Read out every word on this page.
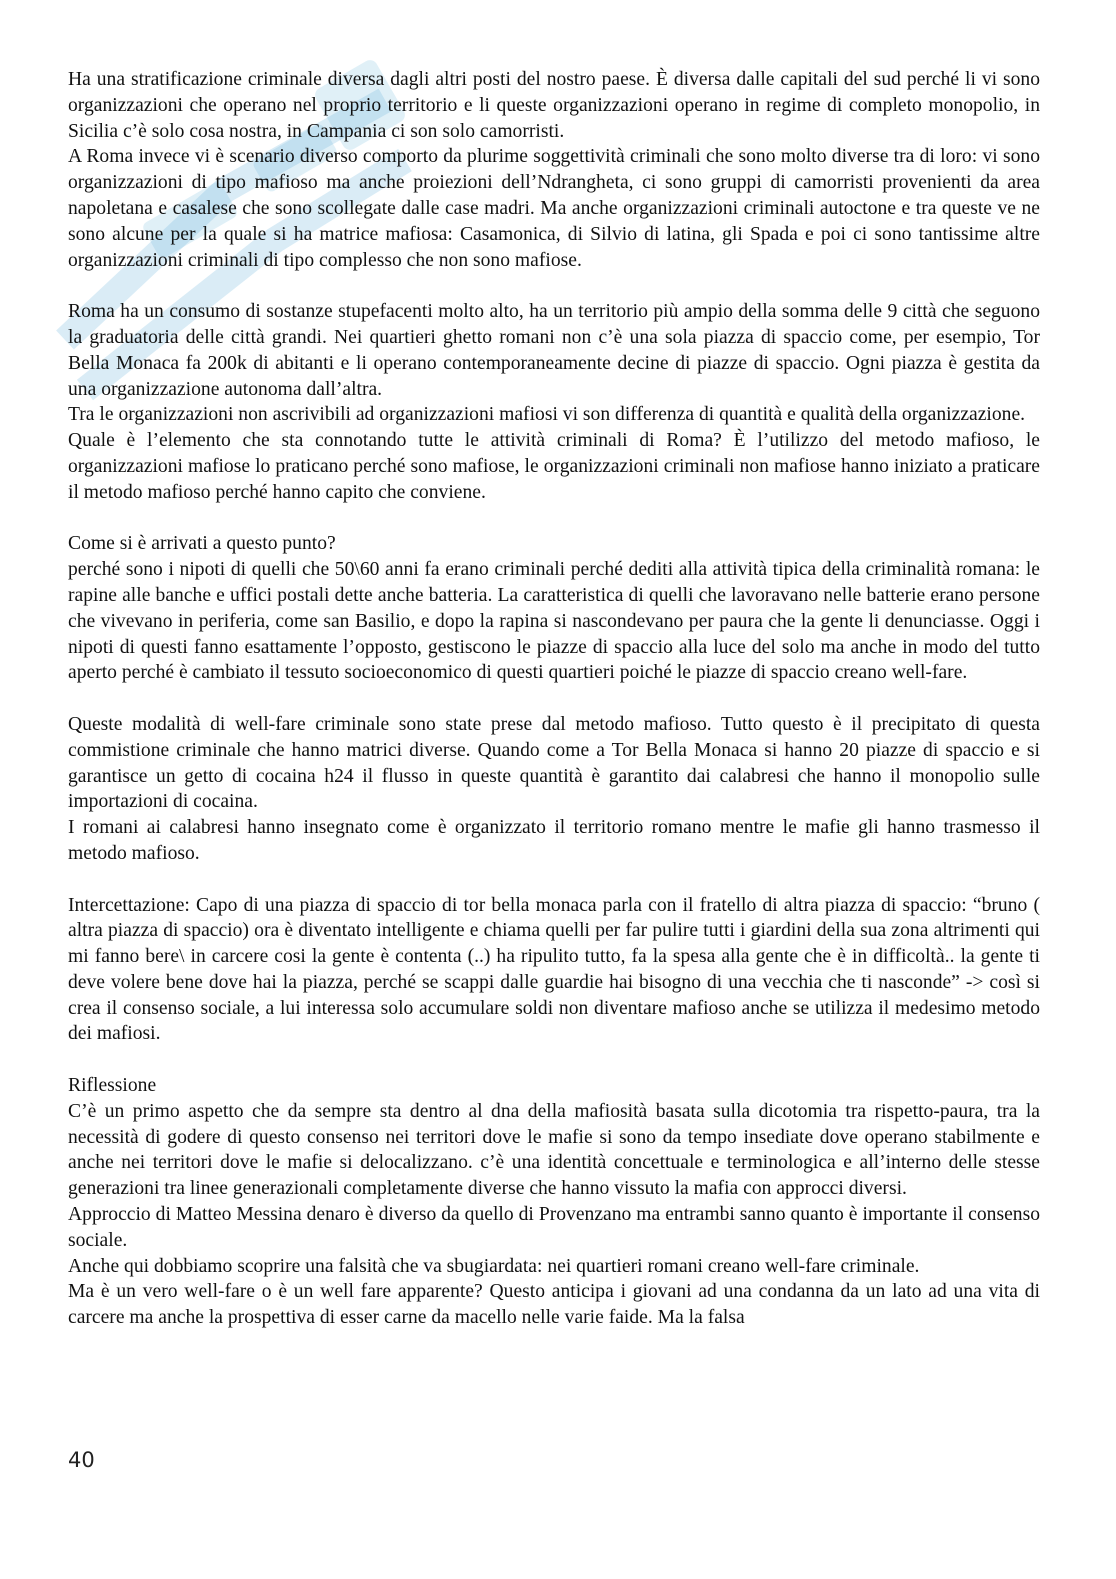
Ha una stratificazione criminale diversa dagli altri posti del nostro paese. È diversa dalle capitali del sud perché li vi sono organizzazioni che operano nel proprio territorio e li queste organizzazioni operano in regime di completo monopolio, in Sicilia c’è solo cosa nostra, in Campania ci son solo camorristi.

A Roma invece vi è scenario diverso comporto da plurime soggettività criminali che sono molto diverse tra di loro: vi sono organizzazioni di tipo mafioso ma anche proiezioni dell’Ndrangheta, ci sono gruppi di camorristi provenienti da area napoletana e casalese che sono scollegate dalle case madri. Ma anche organizzazioni criminali autoctone e tra queste ve ne sono alcune per la quale si ha matrice mafiosa: Casamonica, di Silvio di latina, gli Spada e poi ci sono tantissime altre organizzazioni criminali di tipo complesso che non sono mafiose.

Roma ha un consumo di sostanze stupefacenti molto alto, ha un territorio più ampio della somma delle 9 città che seguono la graduatoria delle città grandi. Nei quartieri ghetto romani non c’è una sola piazza di spaccio come, per esempio, Tor Bella Monaca fa 200k di abitanti e li operano contemporaneamente decine di piazze di spaccio. Ogni piazza è gestita da una organizzazione autonoma dall’altra.

Tra le organizzazioni non ascrivibili ad organizzazioni mafiosi vi son differenza di quantità e qualità della organizzazione.

Quale è l’elemento che sta connotando tutte le attività criminali di Roma? È l’utilizzo del metodo mafioso, le organizzazioni mafiose lo praticano perché sono mafiose, le organizzazioni criminali non mafiose hanno iniziato a praticare il metodo mafioso perché hanno capito che conviene.

Come si è arrivati a questo punto?

perché sono i nipoti di quelli che 50\60 anni fa erano criminali perché dediti alla attività tipica della criminalità romana: le rapine alle banche e uffici postali dette anche batteria. La caratteristica di quelli che lavoravano nelle batterie erano persone che vivevano in periferia, come san Basilio, e dopo la rapina si nascondevano per paura che la gente li denunciasse. Oggi i nipoti di questi fanno esattamente l’opposto, gestiscono le piazze di spaccio alla luce del solo ma anche in modo del tutto aperto perché è cambiato il tessuto socioeconomico di questi quartieri poiché le piazze di spaccio creano well-fare.

Queste modalità di well-fare criminale sono state prese dal metodo mafioso. Tutto questo è il precipitato di questa commistione criminale che hanno matrici diverse. Quando come a Tor Bella Monaca si hanno 20 piazze di spaccio e si garantisce un getto di cocaina h24 il flusso in queste quantità è garantito dai calabresi che hanno il monopolio sulle importazioni di cocaina.

I romani ai calabresi hanno insegnato come è organizzato il territorio romano mentre le mafie gli hanno trasmesso il metodo mafioso.

Intercettazione: Capo di una piazza di spaccio di tor bella monaca parla con il fratello di altra piazza di spaccio: “bruno ( altra piazza di spaccio) ora è diventato intelligente e chiama quelli per far pulire tutti i giardini della sua zona altrimenti qui mi fanno bere\ in carcere cosi la gente è contenta (..) ha ripulito tutto, fa la spesa alla gente che è in difficoltà.. la gente ti deve volere bene dove hai la piazza, perché se scappi dalle guardie hai bisogno di una vecchia che ti nasconde” -> così si crea il consenso sociale, a lui interessa solo accumulare soldi non diventare mafioso anche se utilizza il medesimo metodo dei mafiosi.

Riflessione

C’è un primo aspetto che da sempre sta dentro al dna della mafiosità basata sulla dicotomia tra rispetto-paura, tra la necessità di godere di questo consenso nei territori dove le mafie si sono da tempo insediate dove operano stabilmente e anche nei territori dove le mafie si delocalizzano. c’è una identità concettuale e terminologica e all’interno delle stesse generazioni tra linee generazionali completamente diverse che hanno vissuto la mafia con approcci diversi.

Approccio di Matteo Messina denaro è diverso da quello di Provenzano ma entrambi sanno quanto è importante il consenso sociale.

Anche qui dobbiamo scoprire una falsità che va sbugiardata: nei quartieri romani creano well-fare criminale.

Ma è un vero well-fare o è un well fare apparente? Questo anticipa i giovani ad una condanna da un lato ad una vita di carcere ma anche la prospettiva di esser carne da macello nelle varie faide. Ma la falsa

40
